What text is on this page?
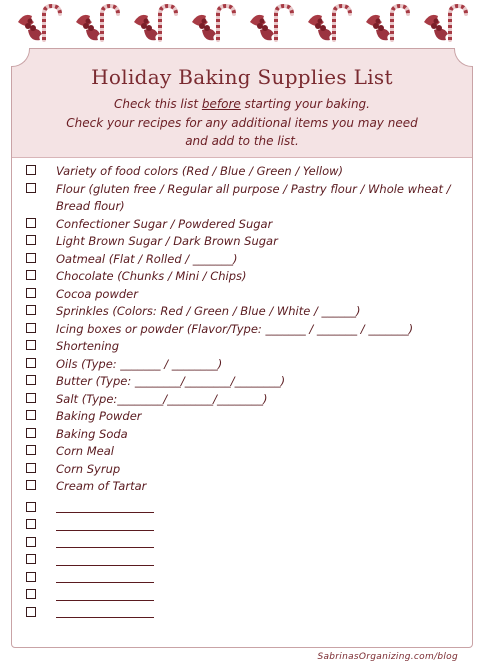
Holiday Baking Supplies List
Check this list before starting your baking.
Check your recipes for any additional items you may need
and add to the list.
Variety of food colors (Red / Blue / Green / Yellow)
Flour (gluten free / Regular all purpose / Pastry flour / Whole wheat / Bread flour)
Confectioner Sugar / Powdered Sugar
Light Brown Sugar / Dark Brown Sugar
Oatmeal (Flat / Rolled / _______)
Chocolate (Chunks / Mini / Chips)
Cocoa powder
Sprinkles (Colors: Red / Green / Blue / White / ______)
Icing boxes or powder (Flavor/Type: _______ / _______ / _______)
Shortening
Oils (Type: _______ / ________)
Butter (Type: ________/________/________)
Salt (Type:________/________/________)
Baking Powder
Baking Soda
Corn Meal
Corn Syrup
Cream of Tartar
SabrinasOrganizing.com/blog
